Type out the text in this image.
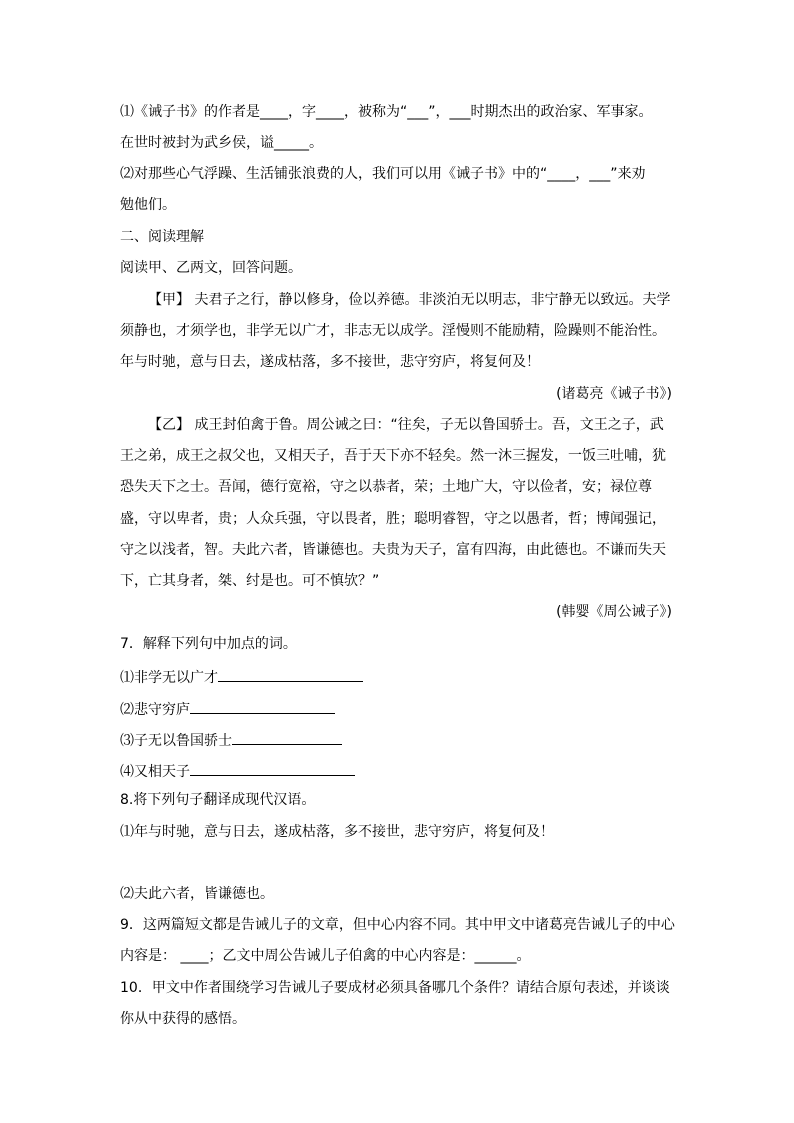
⑴《诫子书》的作者是____，字____，被称为“___”，___时期杰出的政治家、军事家。
在世时被封为武乡侯，谥_____。
⑵对那些心气浮躁、生活铺张浪费的人，我们可以用《诫子书》中的“____，___”来劝
勉他们。
二、阅读理解
阅读甲、乙两文，回答问题。
【甲】 夫君子之行，静以修身，俭以养德。非淡泊无以明志，非宁静无以致远。夫学
须静也，才须学也，非学无以广才，非志无以成学。淫慢则不能励精，险躁则不能治性。
年与时驰，意与日去，遂成枯落，多不接世，悲守穷庐，将复何及！
(诸葛亮《诫子书》)
【乙】 成王封伯禽于鲁。周公诫之曰：“往矣，子无以鲁国骄士。吾，文王之子，武
王之弟，成王之叔父也，又相天子，吾于天下亦不轻矣。然一沐三握发，一饭三吐哺，犹
恐失天下之士。吾闻，德行宽裕，守之以恭者，荣；土地广大，守以俭者，安；禄位尊
盛，守以卑者，贵；人众兵强，守以畏者，胜；聪明睿智，守之以愚者，哲；博闻强记，
守之以浅者，智。夫此六者，皆谦德也。夫贵为天子，富有四海，由此德也。不谦而失天
下，亡其身者，桀、纣是也。可不慎欤？”
(韩婴《周公诫子》)
7．解释下列句中加点的词。
⑴非学无以广才
⑵悲守穷庐
⑶子无以鲁国骄士
⑷又相天子
8.将下列句子翻译成现代汉语。
⑴年与时驰，意与日去，遂成枯落，多不接世，悲守穷庐，将复何及！
⑵夫此六者，皆谦德也。
9．这两篇短文都是告诫儿子的文章，但中心内容不同。其中甲文中诸葛亮告诫儿子的中心
内容是： ____；乙文中周公告诫儿子伯禽的中心内容是：______。
10．甲文中作者围绕学习告诫儿子要成材必须具备哪几个条件？请结合原句表述，并谈谈
你从中获得的感悟。
